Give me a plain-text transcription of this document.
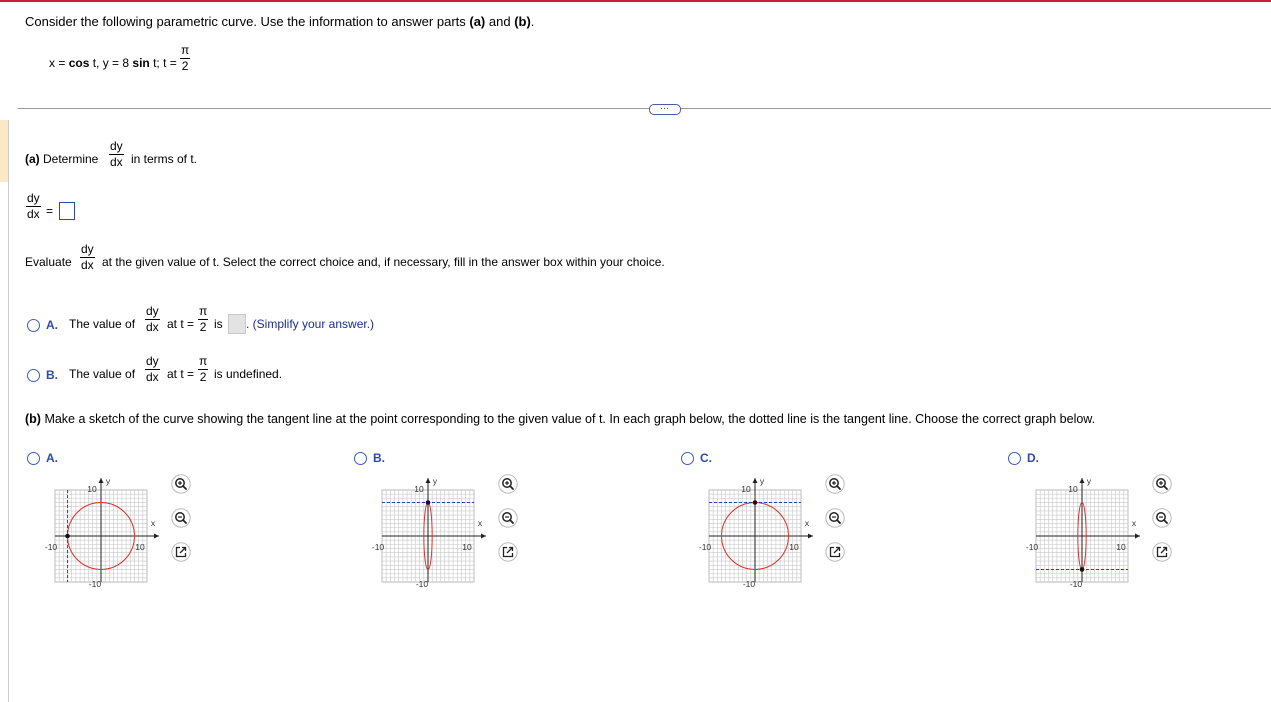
Consider the following parametric curve. Use the information to answer parts (a) and (b).
x = cos t, y = 8 sin t; $t = \frac{\pi}{2}$
⋯
(a) Determine $\frac{dy}{dx}$ in terms of t.
$\frac{dy}{dx}$ =
Evaluate $\frac{dy}{dx}$ at the given value of t. Select the correct choice and, if necessary, fill in the answer box within your choice.
A. The value of $\frac{dy}{dx}$ at $t = \frac{\pi}{2}$ is . (Simplify your answer.)
B. The value of $\frac{dy}{dx}$ at $t = \frac{\pi}{2}$ is undefined.
(b) Make a sketch of the curve showing the tangent line at the point corresponding to the given value of t. In each graph below, the dotted line is the tangent line. Choose the correct graph below.
A.
10
-10
-10	10
x
y
B.
10
-10
-10	10
x
y
C.
10
-10
-10	10
x
y
D.
10
-10
-10	10
x
y
